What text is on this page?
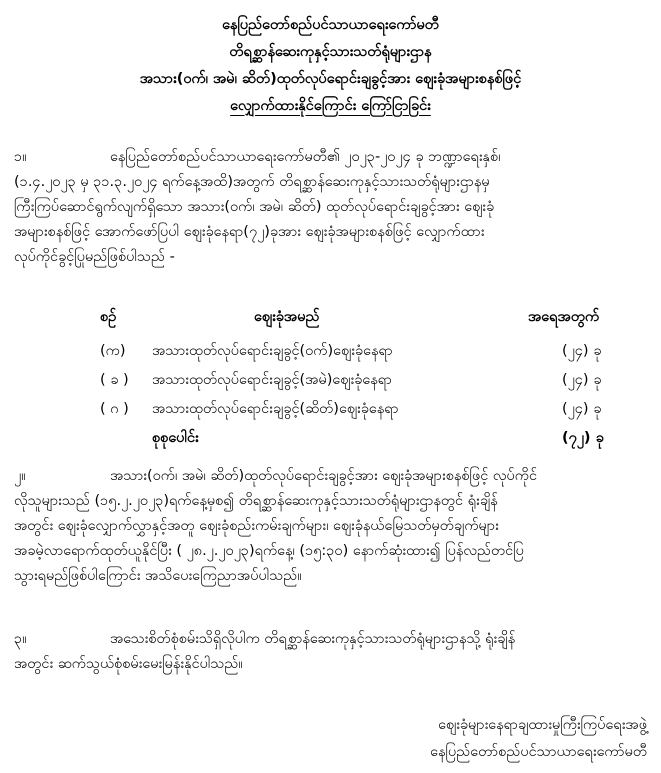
နေပြည်တော်စည်ပင်သာယာရေးကော်မတီ
တိရစ္ဆာန်ဆေးကုနှင့်သားသတ်ရုံများဌာန
အသား(ဝက်၊ အမဲ၊ ဆိတ်)ထုတ်လုပ်ရောင်းချခွင့်အား ဈေးခုံအများစနစ်ဖြင့်
လျှောက်ထားနိုင်ကြောင်း ကြော်ငြာခြင်း
၁။	နေပြည်တော်စည်ပင်သာယာရေးကော်မတီ၏ ၂၀၂၃-၂၀၂၄ ခု ဘဏ္ဍာရေးနှစ်၊
(၁.၄.၂၀၂၃ မှ ၃၁.၃.၂၀၂၄ ရက်နေ့အထိ)အတွက် တိရစ္ဆာန်ဆေးကုနှင့်သားသတ်ရုံများဌာနမှ
ကြီးကြပ်ဆောင်ရွက်လျက်ရှိသော အသား(ဝက်၊ အမဲ၊ ဆိတ်) ထုတ်လုပ်ရောင်းချခွင့်အား ဈေးခုံ
အများစနစ်ဖြင့် အောက်ဖော်ပြပါ ဈေးခုံနေရာ(၇၂)ခုအား ဈေးခုံအများစနစ်ဖြင့် လျှောက်ထား
လုပ်ကိုင်ခွင့်ပြုမည်ဖြစ်ပါသည် -
စဉ်	ဈေးခုံအမည်	အရေအတွက်
(က) အသားထုတ်လုပ်ရောင်းချခွင့်(ဝက်)ဈေးခုံနေရာ	(၂၄) ခု
( ခ ) အသားထုတ်လုပ်ရောင်းချခွင့်(အမဲ)ဈေးခုံနေရာ	(၂၄) ခု
( ဂ ) အသားထုတ်လုပ်ရောင်းချခွင့်(ဆိတ်)ဈေးခုံနေရာ	(၂၄) ခု
စုစုပေါင်း	(၇၂) ခု
၂။	အသား(ဝက်၊ အမဲ၊ ဆိတ်)ထုတ်လုပ်ရောင်းချခွင့်အား ဈေးခုံအများစနစ်ဖြင့် လုပ်ကိုင်
လိုသူများသည် (၁၅.၂.၂၀၂၃)ရက်နေ့မှစ၍ တိရစ္ဆာန်ဆေးကုနှင့်သားသတ်ရုံများဌာနတွင် ရုံးချိန်
အတွင်း ဈေးခုံလျှောက်လွှာနှင့်အတူ ဈေးခုံစည်းကမ်းချက်များ၊ ဈေးခုံနယ်မြေသတ်မှတ်ချက်များ
အခမဲ့လာရောက်ထုတ်ယူနိုင်ပြီး ( ၂၈.၂.၂၀၂၃)ရက်နေ့၊ (၁၅:၃၀) နောက်ဆုံးထား၍ ပြန်လည်တင်ပြ
သွားရမည်ဖြစ်ပါကြောင်း အသိပေးကြေညာအပ်ပါသည်။
၃။	အသေးစိတ်စုံစမ်းသိရှိလိုပါက တိရစ္ဆာန်ဆေးကုနှင့်သားသတ်ရုံများဌာနသို့ ရုံးချိန်
အတွင်း ဆက်သွယ်စုံစမ်းမေးမြန်းနိုင်ပါသည်။
ဈေးခုံများနေရာချထားမှုကြီးကြပ်ရေးအဖွဲ့
နေပြည်တော်စည်ပင်သာယာရေးကော်မတီ
